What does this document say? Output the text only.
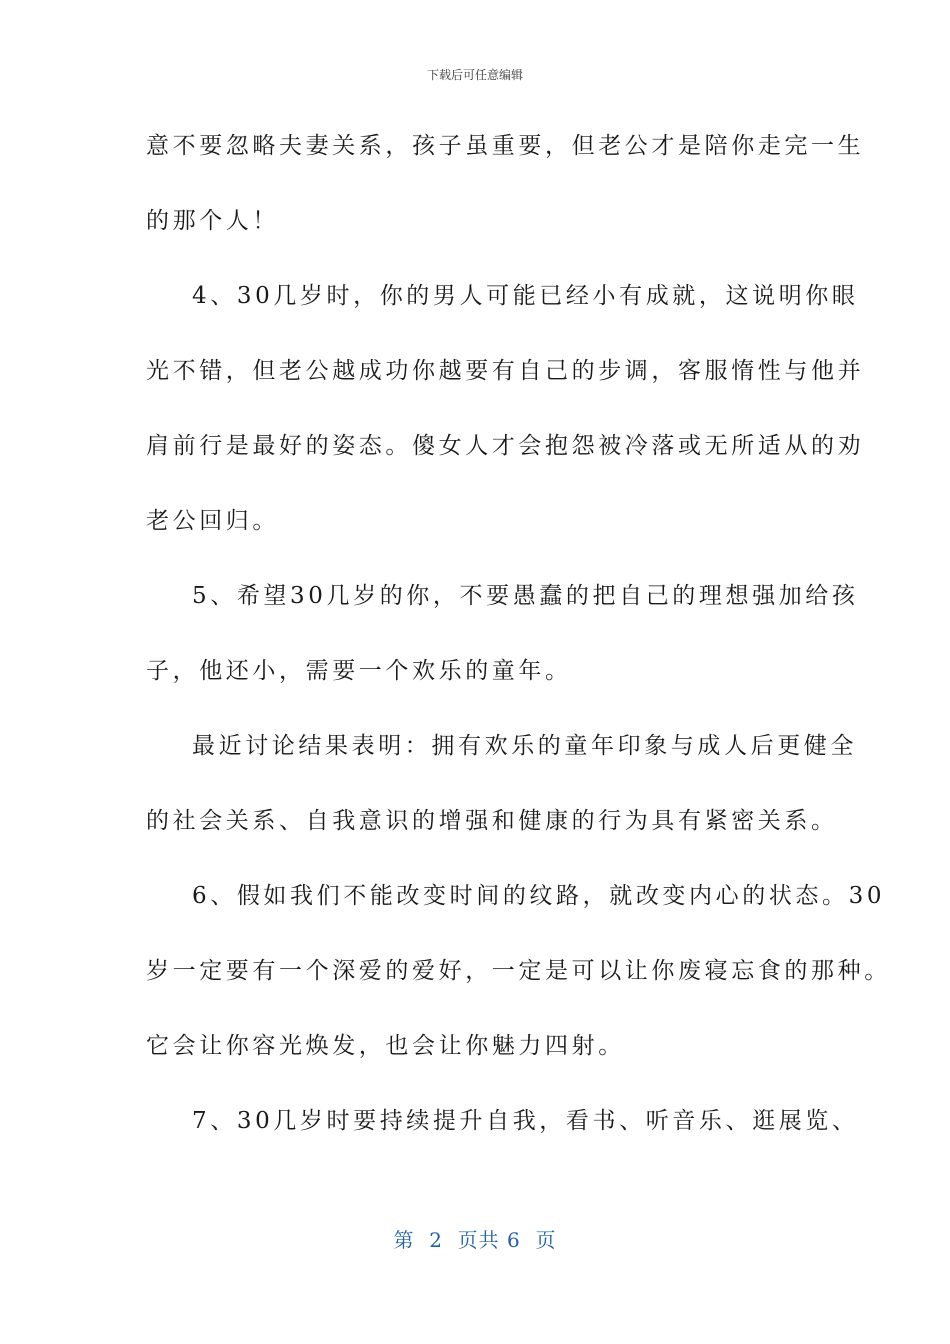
下载后可任意编辑
意不要忽略夫妻关系，孩子虽重要，但老公才是陪你走完一生
的那个人！
4、30几岁时，你的男人可能已经小有成就，这说明你眼
光不错，但老公越成功你越要有自己的步调，客服惰性与他并
肩前行是最好的姿态。傻女人才会抱怨被冷落或无所适从的劝
老公回归。
5、希望30几岁的你，不要愚蠢的把自己的理想强加给孩
子，他还小，需要一个欢乐的童年。
最近讨论结果表明：拥有欢乐的童年印象与成人后更健全
的社会关系、自我意识的增强和健康的行为具有紧密关系。
6、假如我们不能改变时间的纹路，就改变内心的状态。30
岁一定要有一个深爱的爱好，一定是可以让你废寝忘食的那种。
它会让你容光焕发，也会让你魅力四射。
7、30几岁时要持续提升自我，看书、听音乐、逛展览、
第  2  页共 6  页
